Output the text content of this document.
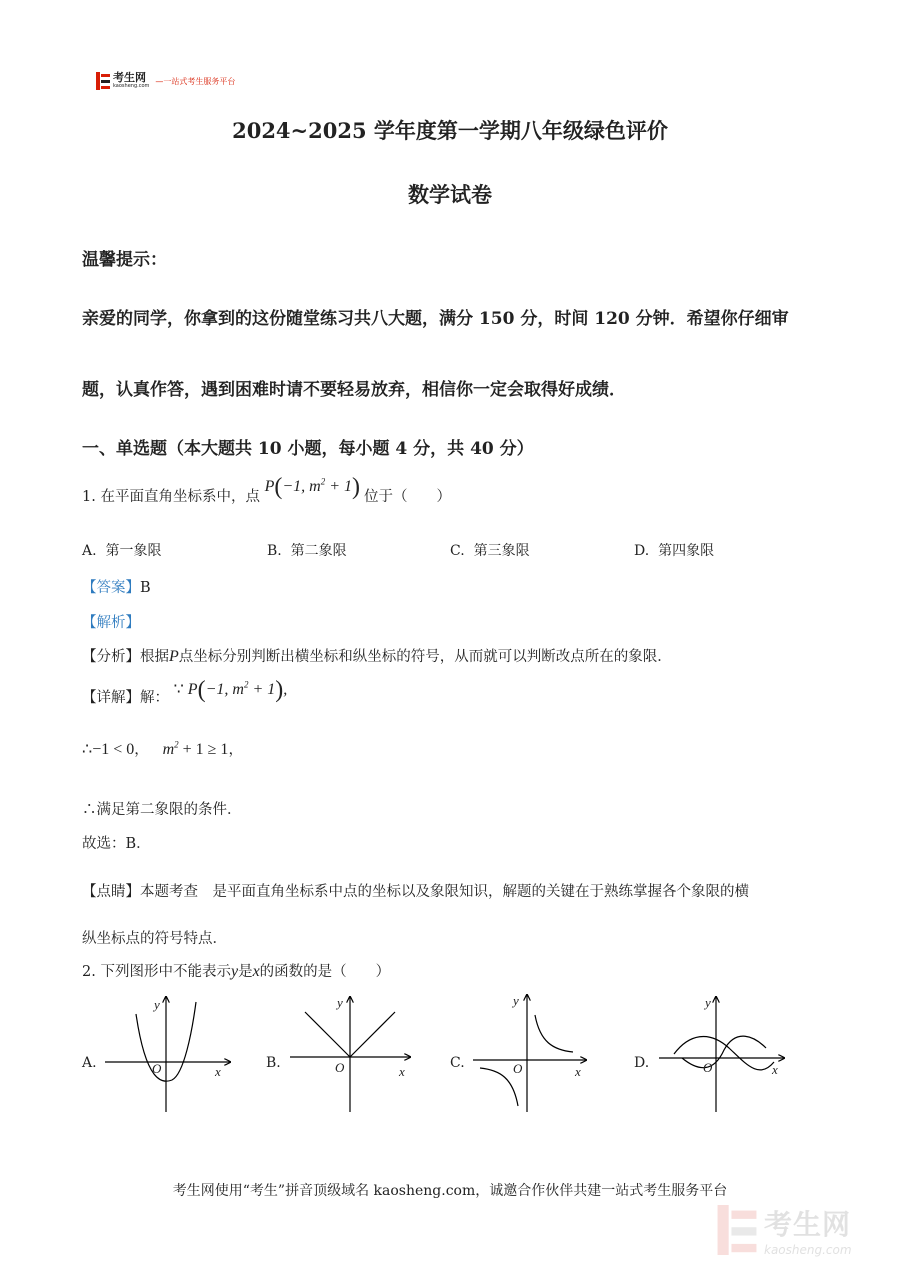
考生网
kaosheng.com
—一站式考生服务平台
2024~2025 学年度第一学期八年级绿色评价
数学试卷
温馨提示：
亲爱的同学，你拿到的这份随堂练习共八大题，满分 150 分，时间 120 分钟．希望你仔细审
题，认真作答，遇到困难时请不要轻易放弃，相信你一定会取得好成绩．
一、单选题（本大题共 10 小题，每小题 4 分，共 40 分）
1. 在平面直角坐标系中，点 P(−1, $m^2 + 1$) 位于（　　）
A. 第一象限	B. 第二象限	C. 第三象限	D. 第四象限
【答案】B
【解析】
【分析】根据P点坐标分别判断出横坐标和纵坐标的符号，从而就可以判断改点所在的象限．
【详解】解： ∵ P(−1, $m^2 + 1$),
∴−1 < 0， $m^2 + 1 \ge 1$，
∴满足第二象限的条件．
故选：B．
【点睛】本题考查　是平面直角坐标系中点的坐标以及象限知识，解题的关键在于熟练掌握各个象限的横
纵坐标点的符号特点．
2. 下列图形中不能表示y是x的函数的是（　　）
A.
y
O	x
B.
y
O	x
C.
y
O	x
D.
y
O	x
考生网使用“考生”拼音顶级域名 kaosheng.com，诚邀合作伙伴共建一站式考生服务平台
考生网
kaosheng.com
